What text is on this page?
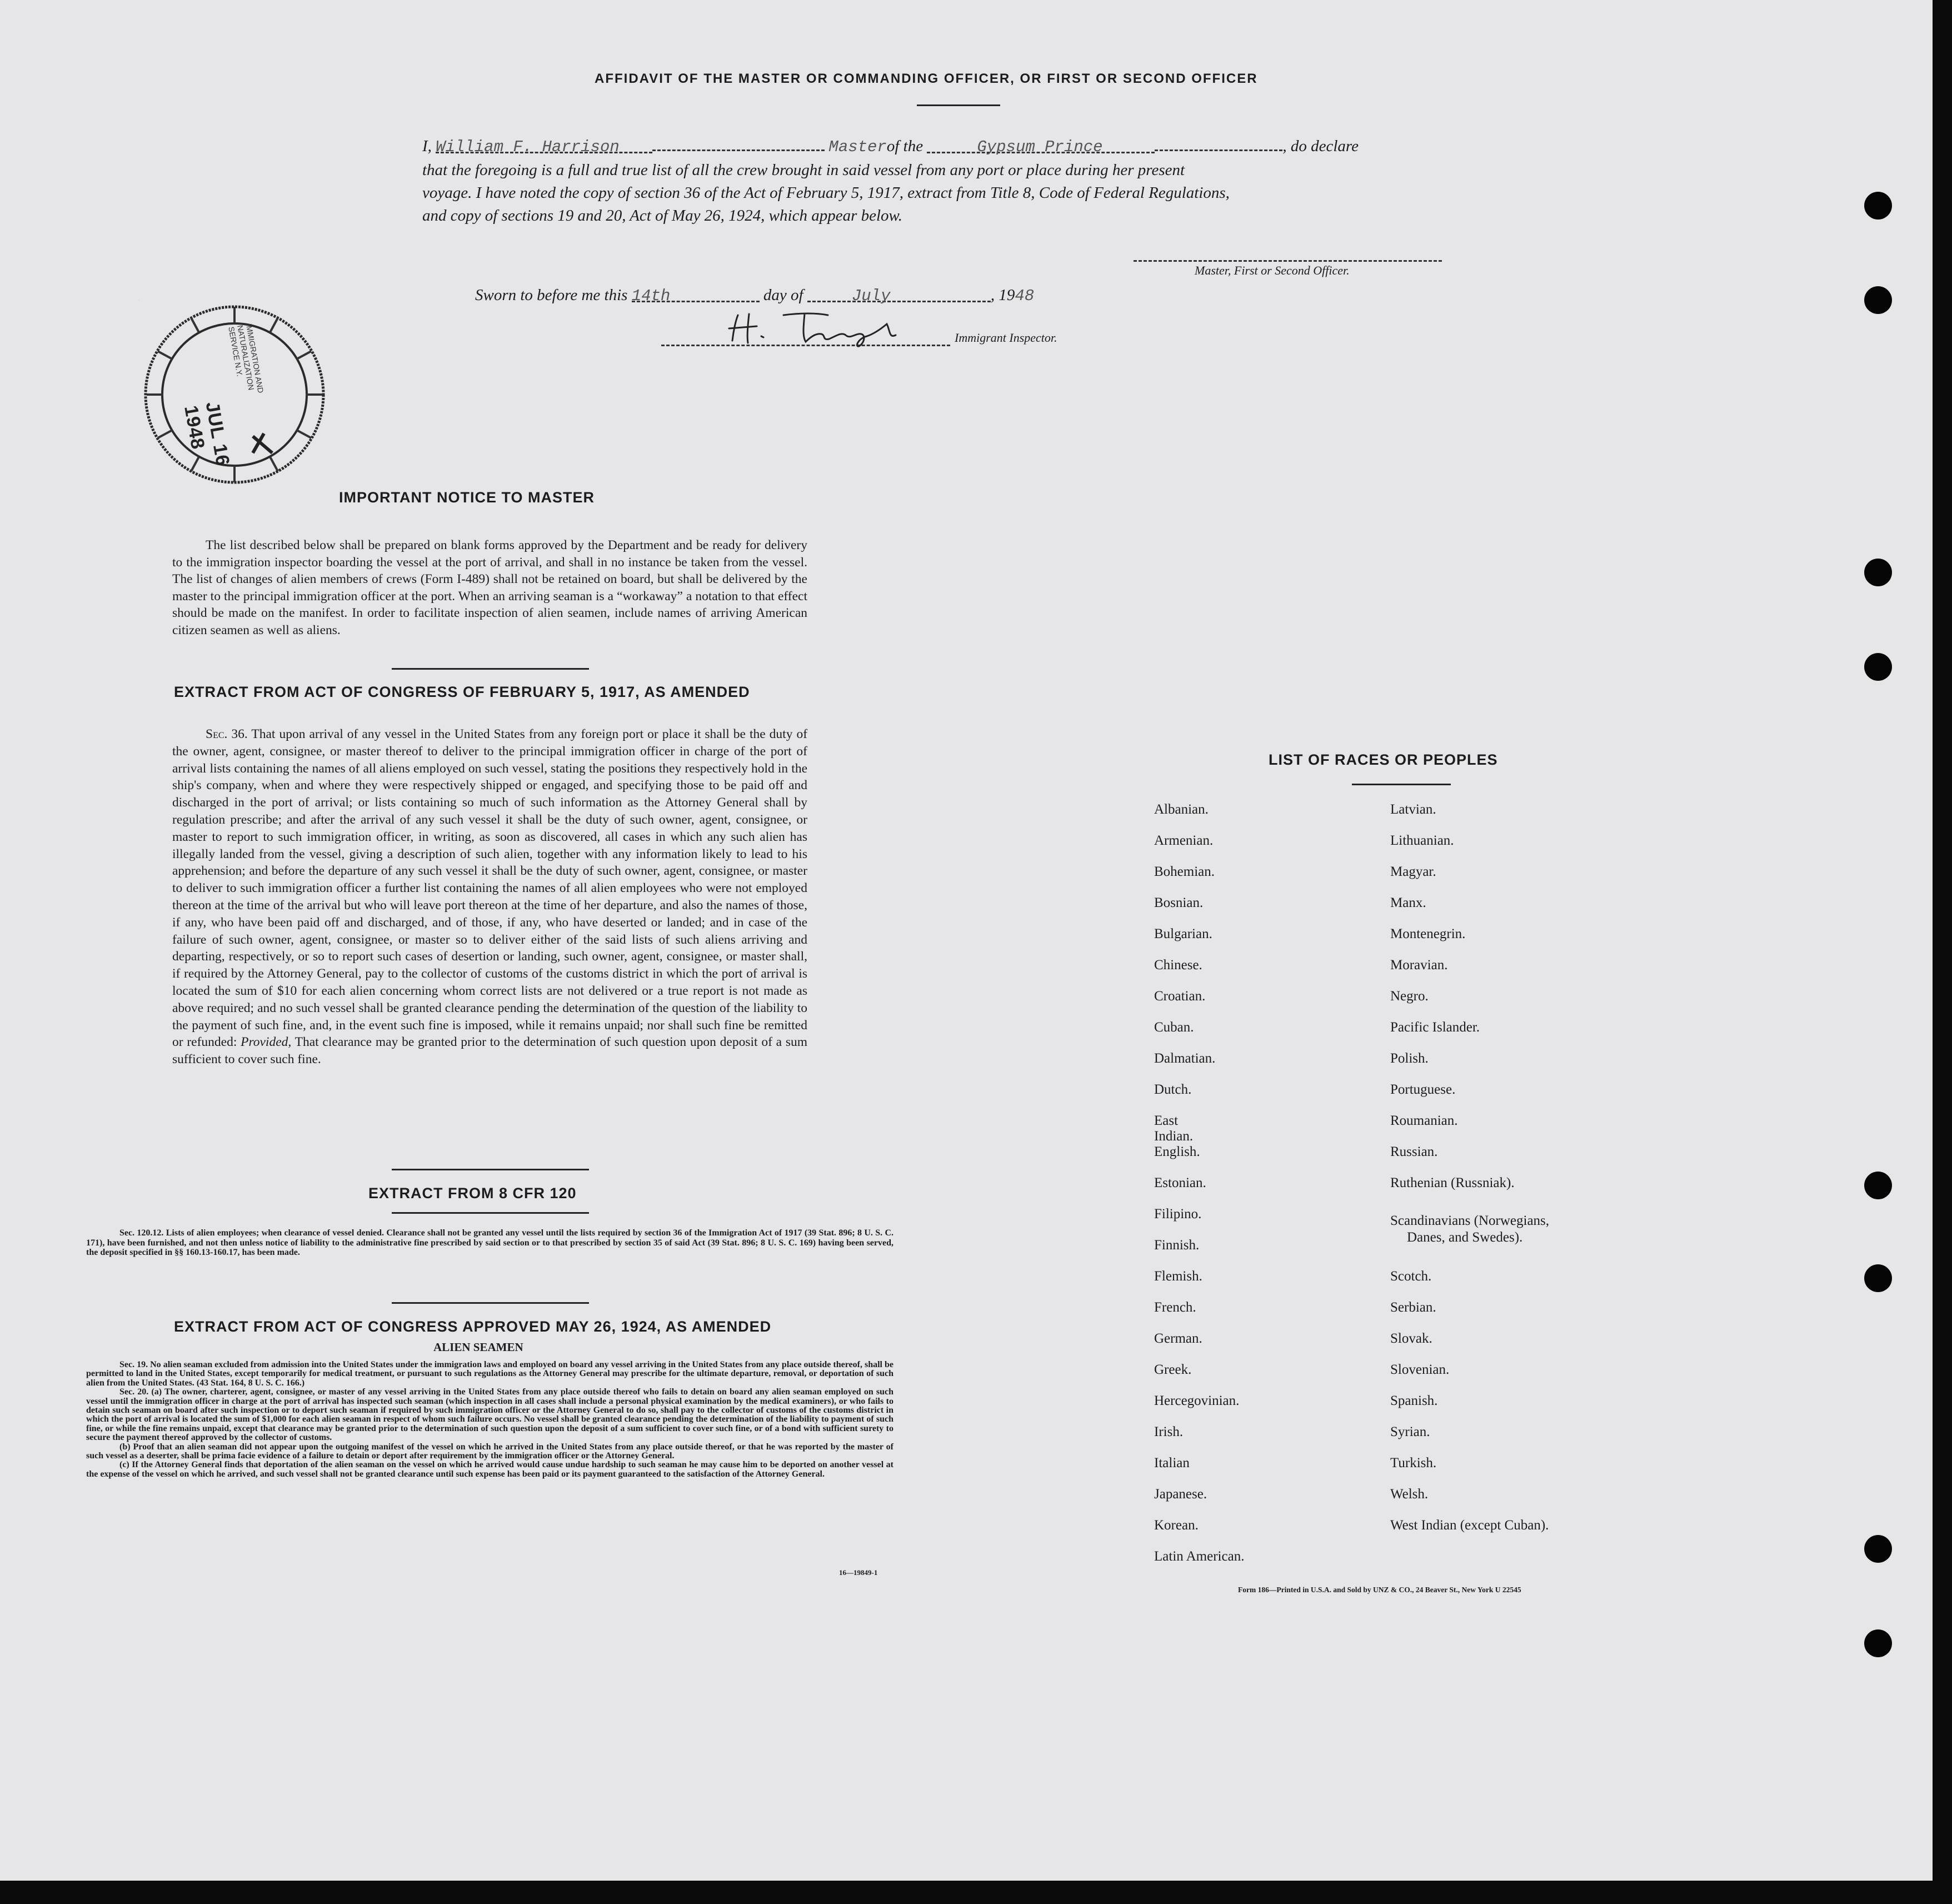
AFFIDAVIT OF THE MASTER OR COMMANDING OFFICER, OR FIRST OR SECOND OFFICER
I, William F. Harrison	Masterof the	Gypsum Prince	, do declare
that the foregoing is a full and true list of all the crew brought in said vessel from any port or place during her present
voyage. I have noted the copy of section 36 of the Act of February 5, 1917, extract from Title 8, Code of Federal Regulations,
and copy of sections 19 and 20, Act of May 26, 1924, which appear below.
Master, First or Second Officer.
Sworn to before me this 14th	day of	July	, 1948
Immigrant Inspector.
JUL 16 1948
IMMIGRATION AND NATURALIZATION SERVICE N.Y.
1
IMPORTANT NOTICE TO MASTER
The list described below shall be prepared on blank forms approved by the Department and be ready for delivery to the immigration inspector boarding the vessel at the port of arrival, and shall in no instance be taken from the vessel. The list of changes of alien members of crews (Form I-489) shall not be retained on board, but shall be delivered by the master to the principal immigration officer at the port. When an arriving seaman is a “workaway” a notation to that effect should be made on the manifest. In order to facilitate inspection of alien seamen, include names of arriving American citizen seamen as well as aliens.
EXTRACT FROM ACT OF CONGRESS OF FEBRUARY 5, 1917, AS AMENDED
Sec. 36. That upon arrival of any vessel in the United States from any foreign port or place it shall be the duty of the owner, agent, consignee, or master thereof to deliver to the principal immigration officer in charge of the port of arrival lists containing the names of all aliens employed on such vessel, stating the positions they respectively hold in the ship's company, when and where they were respectively shipped or engaged, and specifying those to be paid off and discharged in the port of arrival; or lists containing so much of such information as the Attorney General shall by regulation prescribe; and after the arrival of any such vessel it shall be the duty of such owner, agent, consignee, or master to report to such immigration officer, in writing, as soon as discovered, all cases in which any such alien has illegally landed from the vessel, giving a description of such alien, together with any information likely to lead to his apprehension; and before the departure of any such vessel it shall be the duty of such owner, agent, consignee, or master to deliver to such immigration officer a further list containing the names of all alien employees who were not employed thereon at the time of the arrival but who will leave port thereon at the time of her departure, and also the names of those, if any, who have been paid off and discharged, and of those, if any, who have deserted or landed; and in case of the failure of such owner, agent, consignee, or master so to deliver either of the said lists of such aliens arriving and departing, respectively, or so to report such cases of desertion or landing, such owner, agent, consignee, or master shall, if required by the Attorney General, pay to the collector of customs of the customs district in which the port of arrival is located the sum of $10 for each alien concerning whom correct lists are not delivered or a true report is not made as above required; and no such vessel shall be granted clearance pending the determination of the question of the liability to the payment of such fine, and, in the event such fine is imposed, while it remains unpaid; nor shall such fine be remitted or refunded: Provided, That clearance may be granted prior to the determination of such question upon deposit of a sum sufficient to cover such fine.
EXTRACT FROM 8 CFR 120
Sec. 120.12. Lists of alien employees; when clearance of vessel denied. Clearance shall not be granted any vessel until the lists required by section 36 of the Immigration Act of 1917 (39 Stat. 896; 8 U. S. C. 171), have been furnished, and not then unless notice of liability to the administrative fine prescribed by said section or to that prescribed by section 35 of said Act (39 Stat. 896; 8 U. S. C. 169) having been served, the deposit specified in §§ 160.13-160.17, has been made.
EXTRACT FROM ACT OF CONGRESS APPROVED MAY 26, 1924, AS AMENDED
ALIEN SEAMEN
Sec. 19. No alien seaman excluded from admission into the United States under the immigration laws and employed on board any vessel arriving in the United States from any place outside thereof, shall be permitted to land in the United States, except temporarily for medical treatment, or pursuant to such regulations as the Attorney General may prescribe for the ultimate departure, removal, or deportation of such alien from the United States. (43 Stat. 164, 8 U. S. C. 166.)
Sec. 20. (a) The owner, charterer, agent, consignee, or master of any vessel arriving in the United States from any place outside thereof who fails to detain on board any alien seaman employed on such vessel until the immigration officer in charge at the port of arrival has inspected such seaman (which inspection in all cases shall include a personal physical examination by the medical examiners), or who fails to detain such seaman on board after such inspection or to deport such seaman if required by such immigration officer or the Attorney General to do so, shall pay to the collector of customs of the customs district in which the port of arrival is located the sum of $1,000 for each alien seaman in respect of whom such failure occurs. No vessel shall be granted clearance pending the determination of the liability to payment of such fine, or while the fine remains unpaid, except that clearance may be granted prior to the determination of such question upon the deposit of a sum sufficient to cover such fine, or of a bond with sufficient surety to secure the payment thereof approved by the collector of customs.
(b) Proof that an alien seaman did not appear upon the outgoing manifest of the vessel on which he arrived in the United States from any place outside thereof, or that he was reported by the master of such vessel as a deserter, shall be prima facie evidence of a failure to detain or deport after requirement by the immigration officer or the Attorney General.
(c) If the Attorney General finds that deportation of the alien seaman on the vessel on which he arrived would cause undue hardship to such seaman he may cause him to be deported on another vessel at the expense of the vessel on which he arrived, and such vessel shall not be granted clearance until such expense has been paid or its payment guaranteed to the satisfaction of the Attorney General.
16—19849-1
LIST OF RACES OR PEOPLES
Albanian.
Armenian.
Bohemian.
Bosnian.
Bulgarian.
Chinese.
Croatian.
Cuban.
Dalmatian.
Dutch.
East Indian.
English.
Estonian.
Filipino.
Finnish.
Flemish.
French.
German.
Greek.
Hercegovinian.
Irish.
Italian
Japanese.
Korean.
Latin American.
Latvian.
Lithuanian.
Magyar.
Manx.
Montenegrin.
Moravian.
Negro.
Pacific Islander.
Polish.
Portuguese.
Roumanian.
Russian.
Ruthenian (Russniak).
Scandinavians (Norwegians,
Danes, and Swedes).
Scotch.
Serbian.
Slovak.
Slovenian.
Spanish.
Syrian.
Turkish.
Welsh.
West Indian (except Cuban).
Form 186—Printed in U.S.A. and Sold by UNZ & CO., 24 Beaver St., New York U 22545
